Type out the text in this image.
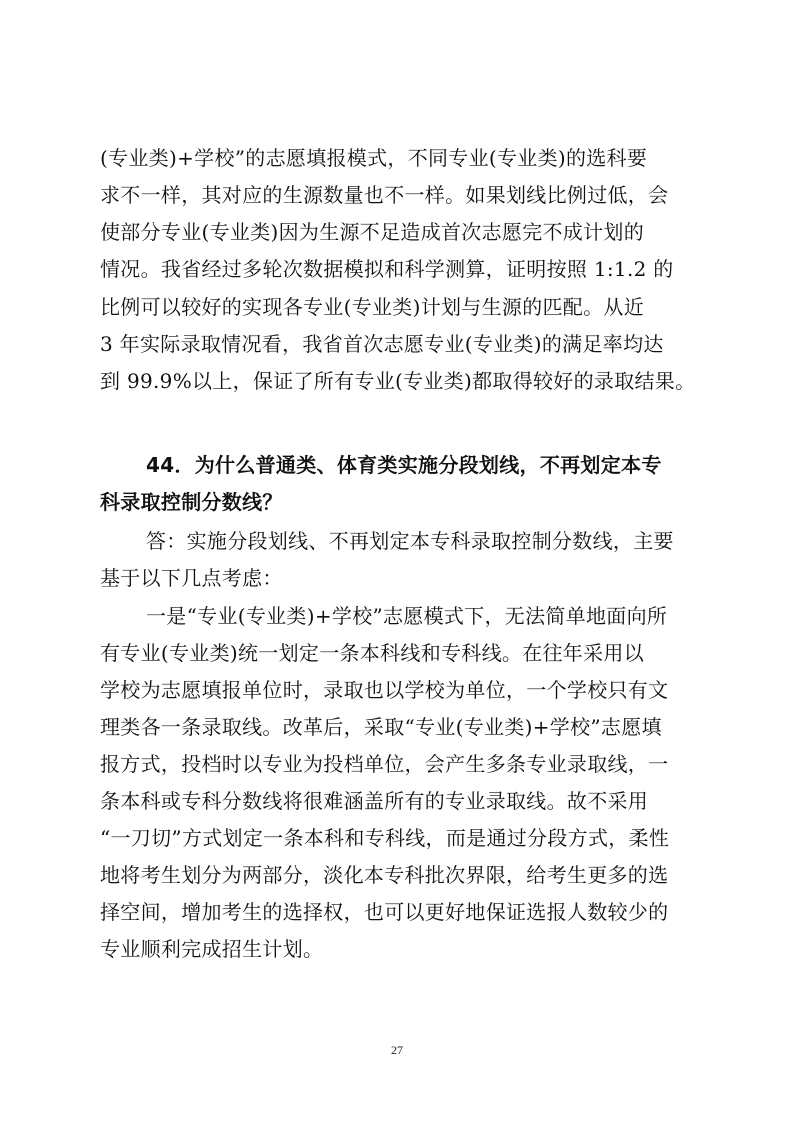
(专业类)+学校”的志愿填报模式，不同专业(专业类)的选科要
求不一样，其对应的生源数量也不一样。如果划线比例过低，会
使部分专业(专业类)因为生源不足造成首次志愿完不成计划的
情况。我省经过多轮次数据模拟和科学测算，证明按照 1:1.2 的
比例可以较好的实现各专业(专业类)计划与生源的匹配。从近
3 年实际录取情况看，我省首次志愿专业(专业类)的满足率均达
到 99.9%以上，保证了所有专业(专业类)都取得较好的录取结果。
44．为什么普通类、体育类实施分段划线，不再划定本专
科录取控制分数线？
答：实施分段划线、不再划定本专科录取控制分数线，主要
基于以下几点考虑：
一是“专业(专业类)+学校”志愿模式下，无法简单地面向所
有专业(专业类)统一划定一条本科线和专科线。在往年采用以
学校为志愿填报单位时，录取也以学校为单位，一个学校只有文
理类各一条录取线。改革后，采取“专业(专业类)+学校”志愿填
报方式，投档时以专业为投档单位，会产生多条专业录取线，一
条本科或专科分数线将很难涵盖所有的专业录取线。故不采用
“一刀切”方式划定一条本科和专科线，而是通过分段方式，柔性
地将考生划分为两部分，淡化本专科批次界限，给考生更多的选
择空间，增加考生的选择权，也可以更好地保证选报人数较少的
专业顺利完成招生计划。
27
